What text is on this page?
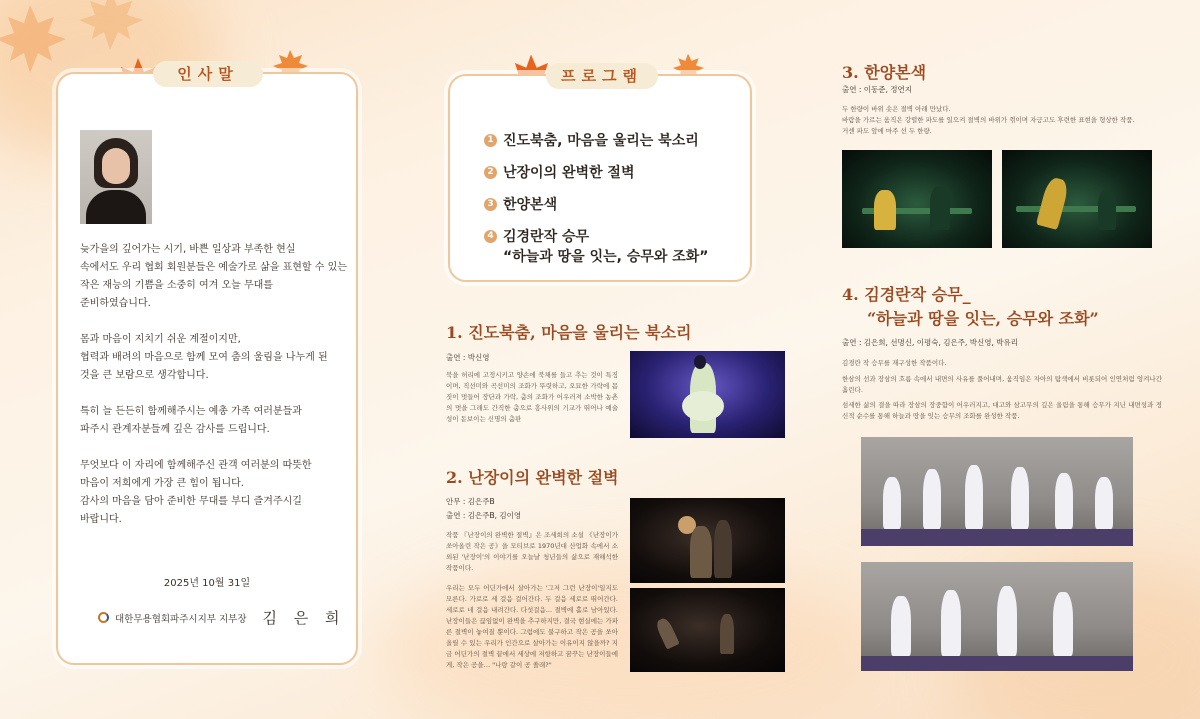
인사말

늦가을의 깊어가는 시기, 바쁜 일상과 부족한 현실
속에서도 우리 협회 회원분들은 예술가로 삶을 표현할 수 있는
작은 재능의 기쁨을 소중히 여겨 오늘 무대를
준비하였습니다.

몸과 마음이 지치기 쉬운 계절이지만,
협력과 배려의 마음으로 함께 모여 춤의 울림을 나누게 된
것을 큰 보람으로 생각합니다.

특히 늘 든든히 함께해주시는 예총 가족 여러분들과
파주시 관계자분들께 깊은 감사를 드립니다.

무엇보다 이 자리에 함께해주신 관객 여러분의 따뜻한
마음이 저희에게 가장 큰 힘이 됩니다.
감사의 마음을 담아 준비한 무대를 부디 즐겨주시길
바랍니다.

2025년 10월 31일
대한무용협회파주시지부 지부장 김 은 희
프로그램
1 진도북춤, 마음을 울리는 북소리
2 난장이의 완벽한 절벽
3 한양본색
4 김경란작 승무
“하늘과 땅을 잇는, 승무와 조화”
1. 진도북춤, 마음을 울리는 북소리
출연 : 박신영
북을 허리에 고정시키고 양손에 북채를 들고 추는 것이 특징이며, 직선미와 곡선미의 조화가 뚜렷하고, 오묘한 가락에 몸짓이 멋들어 장단과 가락, 춤의 조화가 어우러져 소박한 농촌의 멋을 그래도 간직한 춤으로 흥사위의 기교가 뛰어나 예술성이 돋보이는 신명의 춤판
2. 난장이의 완벽한 절벽
안무 : 김은주B
출연 : 김은주B, 김이영
작품 『난장이의 완벽한 절벽』은 조세희의 소설 《난장이가 쏘아올린 작은 공》을 모티브로 1970년대 산업화 속에서 소외된 '난장이'의 이야기를 오늘날 청년들의 삶으로 재해석한 작품이다.
우리는 모두 어딘가에서 살아가는 '그저 그런 난장이'일지도 모른다. 가로로 세 걸음 걸어간다. 두 걸음 세로로 뛰어간다. 세로로 네 걸음 내려간다. 다섯걸음... 절벽에 홀로 남아있다. 난장이들은 끊임없이 완벽을 추구하지만, 결국 현실에는 가파른 절벽이 놓여질 뿐이다. 그럼에도 불구하고 작은 공을 쏘아올릴 수 있는 우리가 인간으로 살아가는 이유이지 않을까? 지금 어딘가의 절벽 끝에서 세상에 저항하고 꿈꾸는 난장이들에게, 작은 공을… "나랑 같이 공 쏠래?"
3. 한양본색
출연 : 이동준, 정연지
두 한량이 바위 솟은 절벽 아래 만났다.
바람을 가르는 움직은 강렬한 파도를 일으켜 절벽의 바위가 꺾이며 자긍고도 후련한 표현을 형상한 작품.
거센 파도 앞에 마주 선 두 한량.
4. 김경란작 승무_
“하늘과 땅을 잇는, 승무와 조화”
출연 : 김은희, 선명신, 이평숙, 김은주, 박신영, 박유리
김경란 작 승무를 재구성한 작품이다.
한삼의 선과 장삼의 흐름 속에서 내면의 사유를 풀어내며, 움직임은 자아의 탐색에서 비롯되어 인연처럼 엉켜나간 흘린다.
섬세한 삶의 결을 따라 장삼의 장중함이 어우러지고, 대고와 삼고무의 깊은 울림을 통해 승무가 지닌 내면성과 정신적 순수를 통해 하늘과 땅을 잇는 승무의 조화를 완성한 작품.
